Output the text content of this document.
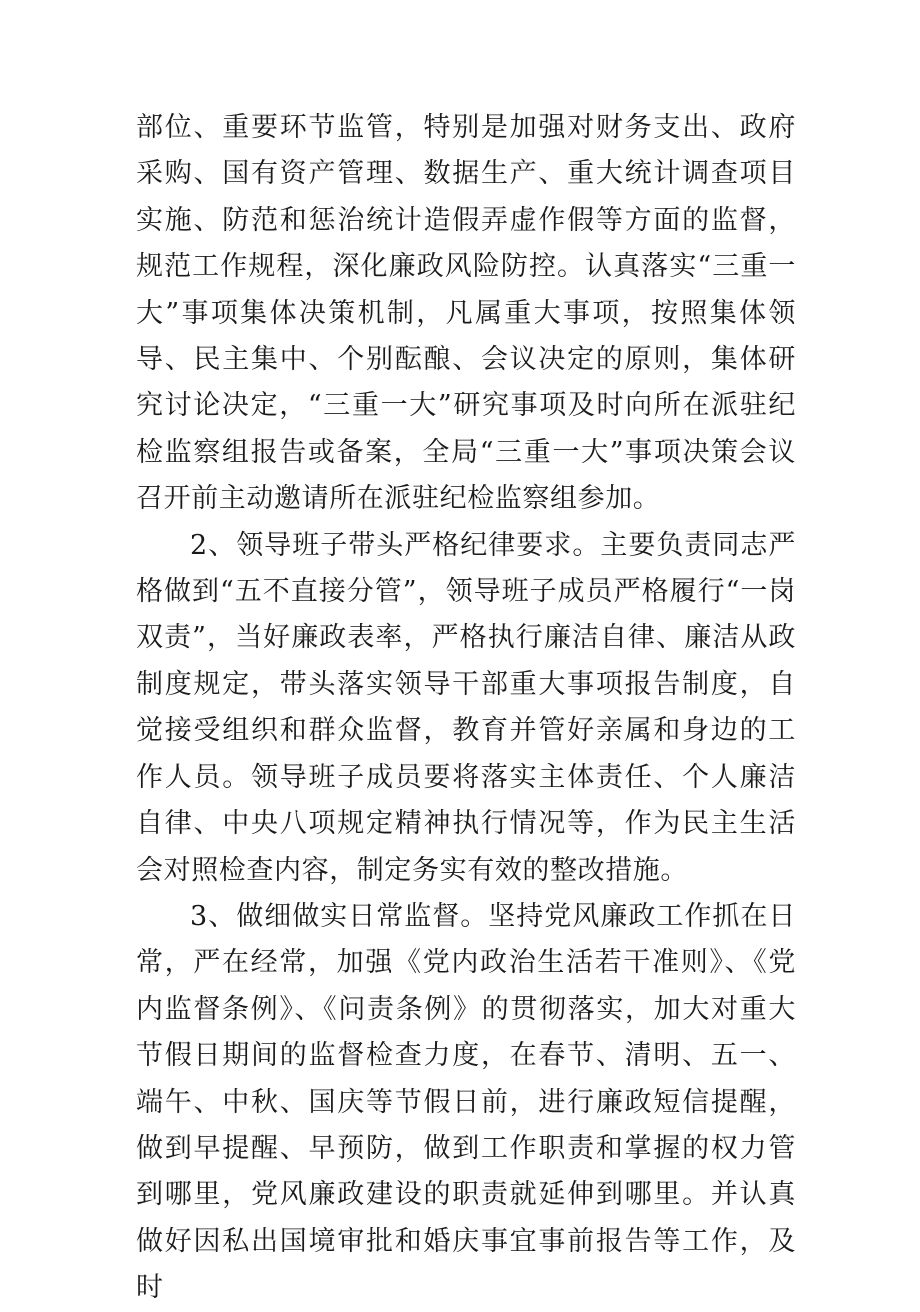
部位、重要环节监管，特别是加强对财务支出、政府采购、国有资产管理、数据生产、重大统计调查项目实施、防范和惩治统计造假弄虚作假等方面的监督，规范工作规程，深化廉政风险防控。认真落实“三重一大”事项集体决策机制，凡属重大事项，按照集体领导、民主集中、个别酝酿、会议决定的原则，集体研究讨论决定，“三重一大”研究事项及时向所在派驻纪检监察组报告或备案，全局“三重一大”事项决策会议召开前主动邀请所在派驻纪检监察组参加。

2、领导班子带头严格纪律要求。主要负责同志严格做到“五不直接分管”，领导班子成员严格履行“一岗双责”，当好廉政表率，严格执行廉洁自律、廉洁从政制度规定，带头落实领导干部重大事项报告制度，自觉接受组织和群众监督，教育并管好亲属和身边的工作人员。领导班子成员要将落实主体责任、个人廉洁自律、中央八项规定精神执行情况等，作为民主生活会对照检查内容，制定务实有效的整改措施。

3、做细做实日常监督。坚持党风廉政工作抓在日常，严在经常，加强《党内政治生活若干准则》、《党内监督条例》、《问责条例》的贯彻落实，加大对重大节假日期间的监督检查力度，在春节、清明、五一、端午、中秋、国庆等节假日前，进行廉政短信提醒，做到早提醒、早预防，做到工作职责和掌握的权力管到哪里，党风廉政建设的职责就延伸到哪里。并认真做好因私出国境审批和婚庆事宜事前报告等工作，及时
